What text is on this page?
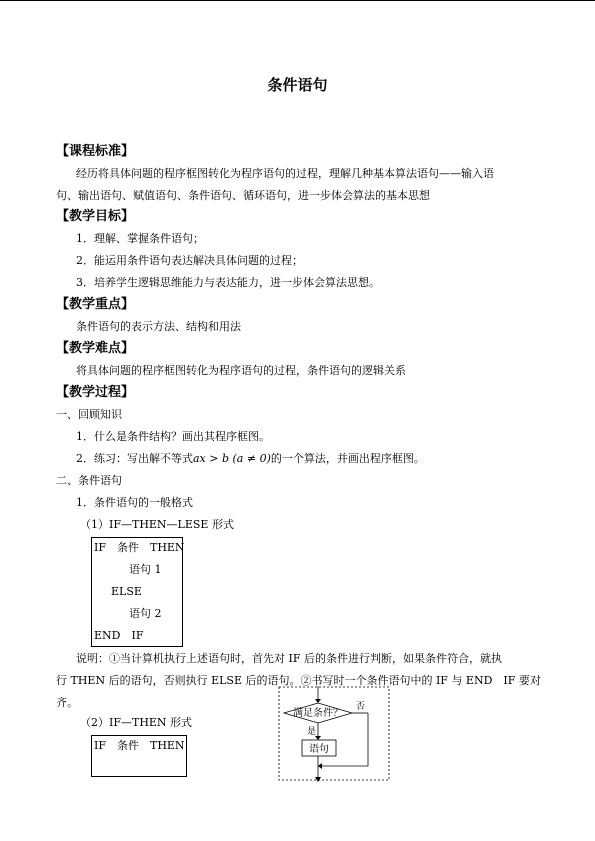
条件语句
【课程标准】
经历将具体问题的程序框图转化为程序语句的过程，理解几种基本算法语句——输入语
句、输出语句、赋值语句、条件语句、循环语句，进一步体会算法的基本思想
【教学目标】
1．理解、掌握条件语句；
2．能运用条件语句表达解决具体问题的过程；
3．培养学生逻辑思维能力与表达能力，进一步体会算法思想。
【教学重点】
条件语句的表示方法、结构和用法
【教学难点】
将具体问题的程序框图转化为程序语句的过程，条件语句的逻辑关系
【教学过程】
一、回顾知识
1．什么是条件结构？画出其程序框图。
2．练习：写出解不等式ax > b (a ≠ 0)的一个算法，并画出程序框图。
二、条件语句
1．条件语句的一般格式
（1）IF—THEN—LESE 形式
IF　条件　THEN
语句 1
ELSE
语句 2
END　IF
说明：①当计算机执行上述语句时，首先对 IF 后的条件进行判断，如果条件符合，就执
行 THEN 后的语句，否则执行 ELSE 后的语句。②书写时一个条件语句中的 IF 与 END　IF 要对
齐。
（2）IF—THEN 形式
IF　条件　THEN
满足条件？
否
是
语句
